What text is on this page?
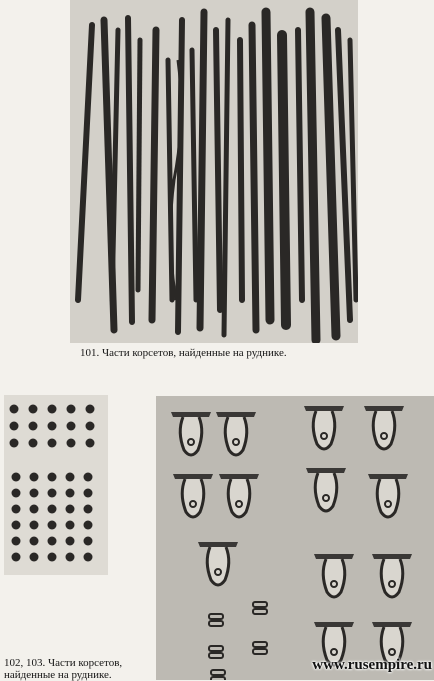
101. Части корсетов, найденные на руднике.

102, 103. Части корсетов,
найденные на руднике.

www.rusempire.ru
